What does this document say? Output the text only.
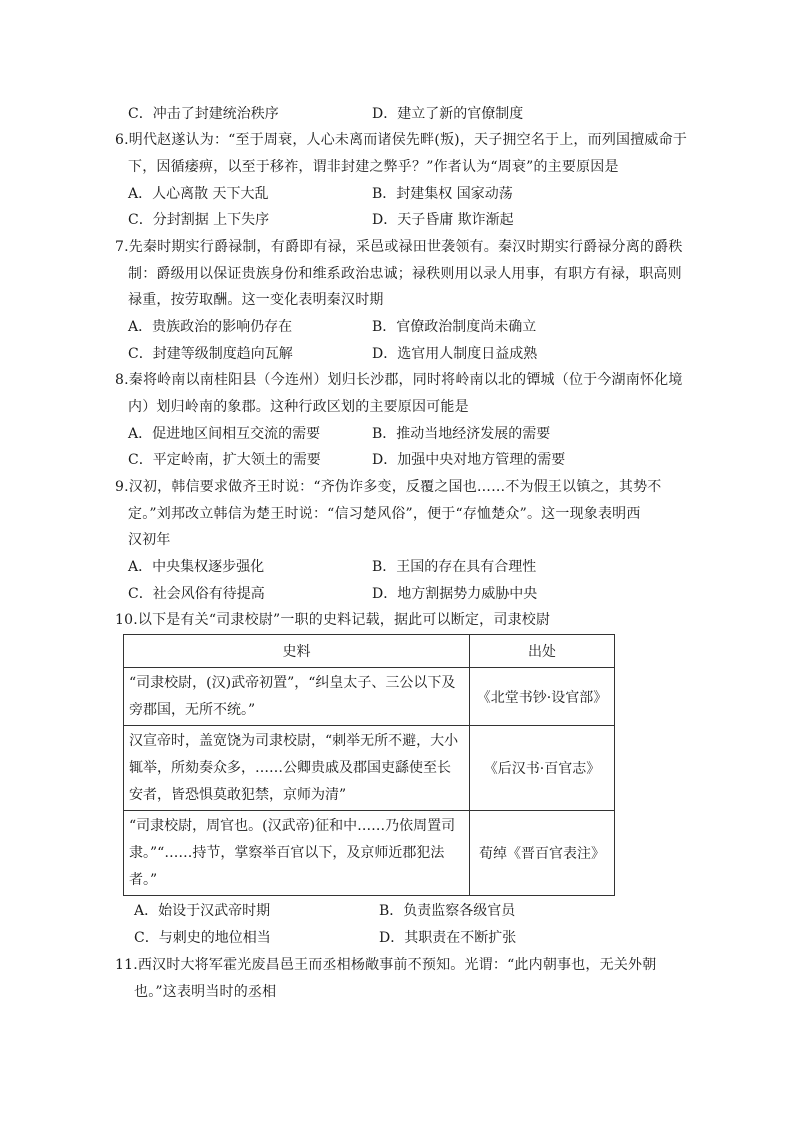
C．冲击了封建统治秩序	D．建立了新的官僚制度
6.明代赵遂认为：“至于周衰，人心未离而诸侯先畔(叛)，天子拥空名于上，而列国擅威命于
下，因循痿痹，以至于移祚，谓非封建之弊乎？”作者认为“周衰”的主要原因是
A．人心离散 天下大乱	B．封建集权 国家动荡
C．分封割据 上下失序	D．天子昏庸 欺诈渐起
7.先秦时期实行爵禄制，有爵即有禄，采邑或禄田世袭领有。秦汉时期实行爵禄分离的爵秩
制：爵级用以保证贵族身份和维系政治忠诚；禄秩则用以录人用事，有职方有禄，职高则
禄重，按劳取酬。这一变化表明秦汉时期
A．贵族政治的影响仍存在	B．官僚政治制度尚未确立
C．封建等级制度趋向瓦解	D．选官用人制度日益成熟
8.秦将岭南以南桂阳县（今连州）划归长沙郡，同时将岭南以北的镡城（位于今湖南怀化境
内）划归岭南的象郡。这种行政区划的主要原因可能是
A．促进地区间相互交流的需要	B．推动当地经济发展的需要
C．平定岭南，扩大领土的需要	D．加强中央对地方管理的需要
9.汉初，韩信要求做齐王时说：“齐伪诈多变，反覆之国也……不为假王以镇之，其势不
定。”刘邦改立韩信为楚王时说：“信习楚风俗”，便于“存恤楚众”。这一现象表明西
汉初年
A．中央集权逐步强化	B．王国的存在具有合理性
C．社会风俗有待提高	D．地方割据势力威胁中央
10.以下是有关“司隶校尉”一职的史料记载，据此可以断定，司隶校尉
史料	出处
“司隶校尉，(汉)武帝初置”，“纠皇太子、三公以下及旁郡国，无所不统。”	《北堂书钞·设官部》
汉宣帝时，盖宽饶为司隶校尉，“刺举无所不避，大小辄举，所劾奏众多，……公卿贵戚及郡国吏繇使至长安者，皆恐惧莫敢犯禁，京师为清”	《后汉书·百官志》
“司隶校尉，周官也。(汉武帝)征和中……乃依周置司隶。”“……持节，掌察举百官以下，及京师近郡犯法者。”	荀绰《晋百官表注》
A．始设于汉武帝时期	B．负责监察各级官员
C．与刺史的地位相当	D．其职责在不断扩张
11.西汉时大将军霍光废昌邑王而丞相杨敞事前不预知。光谓：“此内朝事也，无关外朝
也。”这表明当时的丞相
